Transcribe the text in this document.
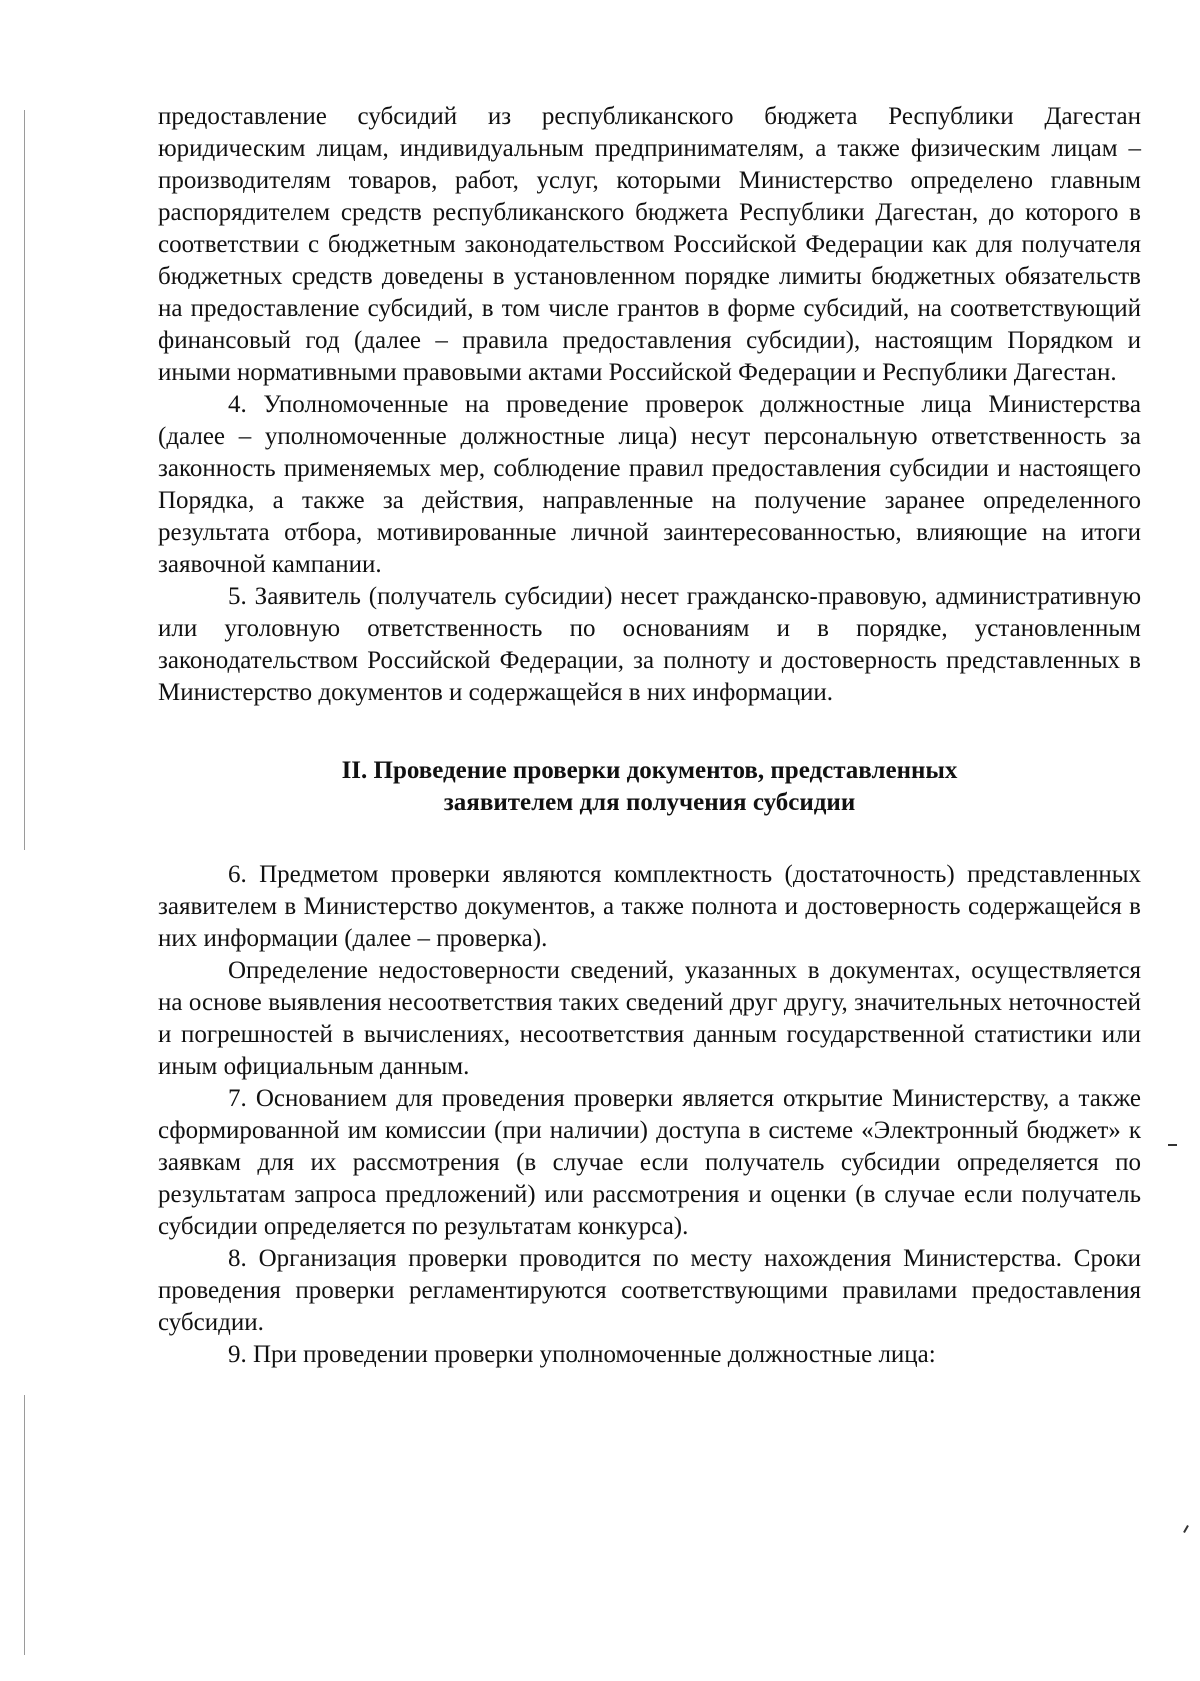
предоставление субсидий из республиканского бюджета Республики Дагестан юридическим лицам, индивидуальным предпринимателям, а также физическим лицам – производителям товаров, работ, услуг, которыми Министерство определено главным распорядителем средств республиканского бюджета Республики Дагестан, до которого в соответствии с бюджетным законодательством Российской Федерации как для получателя бюджетных средств доведены в установленном порядке лимиты бюджетных обязательств на предоставление субсидий, в том числе грантов в форме субсидий, на соответствующий финансовый год (далее – правила предоставления субсидии), настоящим Порядком и иными нормативными правовыми актами Российской Федерации и Республики Дагестан.

4. Уполномоченные на проведение проверок должностные лица Министерства (далее – уполномоченные должностные лица) несут персональную ответственность за законность применяемых мер, соблюдение правил предоставления субсидии и настоящего Порядка, а также за действия, направленные на получение заранее определенного результата отбора, мотивированные личной заинтересованностью, влияющие на итоги заявочной кампании.

5. Заявитель (получатель субсидии) несет гражданско-правовую, административную или уголовную ответственность по основаниям и в порядке, установленным законодательством Российской Федерации, за полноту и достоверность представленных в Министерство документов и содержащейся в них информации.

II. Проведение проверки документов, представленных
заявителем для получения субсидии

6. Предметом проверки являются комплектность (достаточность) представленных заявителем в Министерство документов, а также полнота и достоверность содержащейся в них информации (далее – проверка).

Определение недостоверности сведений, указанных в документах, осуществляется на основе выявления несоответствия таких сведений друг другу, значительных неточностей и погрешностей в вычислениях, несоответствия данным государственной статистики или иным официальным данным.

7. Основанием для проведения проверки является открытие Министерству, а также сформированной им комиссии (при наличии) доступа в системе «Электронный бюджет» к заявкам для их рассмотрения (в случае если получатель субсидии определяется по результатам запроса предложений) или рассмотрения и оценки (в случае если получатель субсидии определяется по результатам конкурса).

8. Организация проверки проводится по месту нахождения Министерства. Сроки проведения проверки регламентируются соответствующими правилами предоставления субсидии.

9. При проведении проверки уполномоченные должностные лица:
